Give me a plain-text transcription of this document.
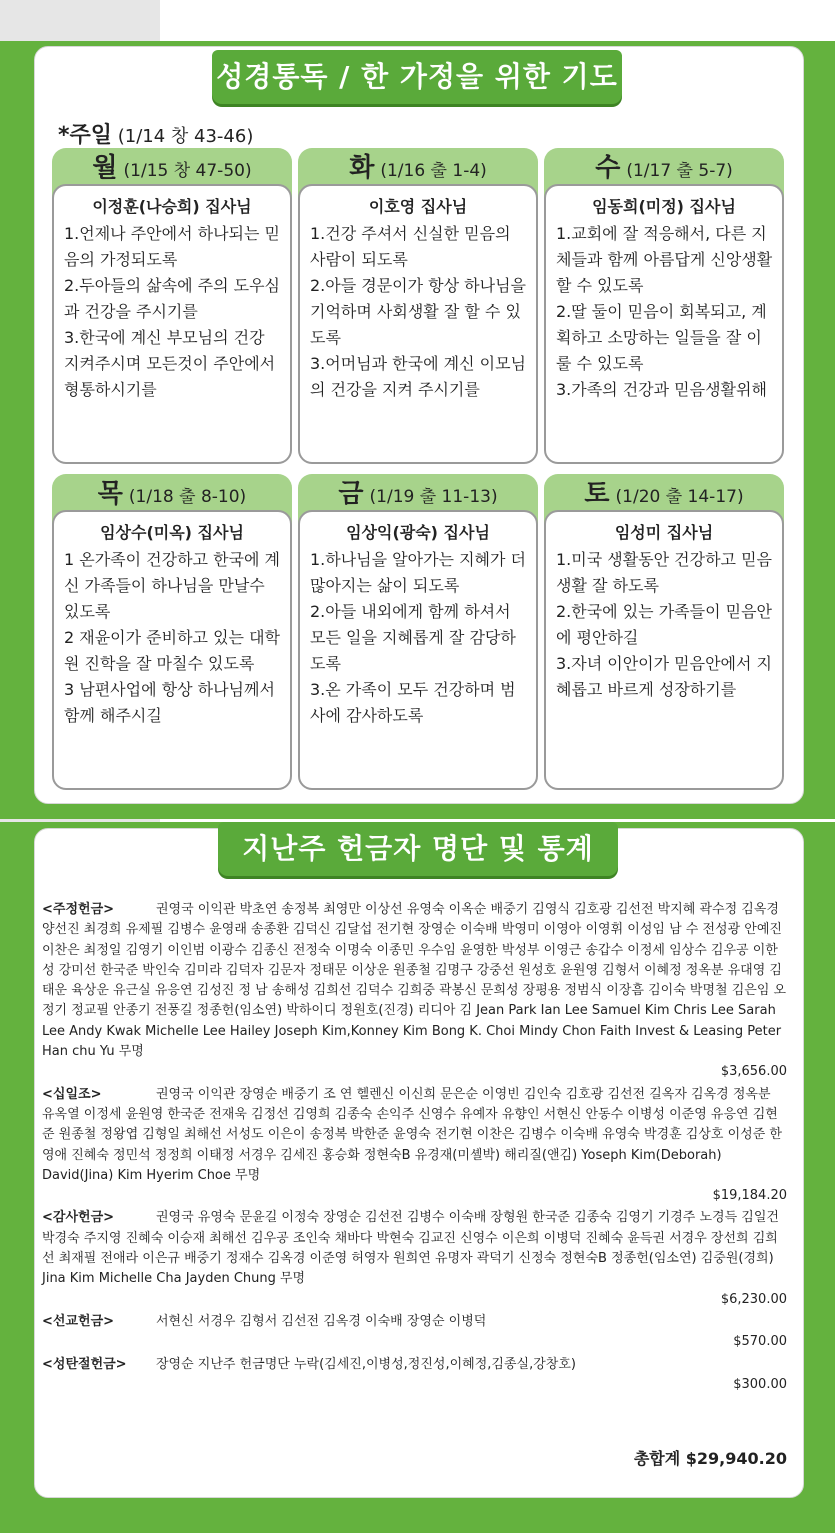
성경통독 / 한 가정을 위한 기도
*주일 (1/14 창 43-46)
월 (1/15 창 47-50)
이정훈(나승희) 집사님
1.언제나 주안에서 하나되는 믿음의 가정되도록
2.두아들의 삶속에 주의 도우심과 건강을 주시기를
3.한국에 계신 부모님의 건강 지켜주시며 모든것이 주안에서 형통하시기를
화 (1/16 출 1-4)
이호영 집사님
1.건강 주셔서 신실한 믿음의 사람이 되도록
2.아들 경문이가 항상 하나님을 기억하며 사회생활 잘 할 수 있도록
3.어머님과 한국에 계신 이모님의 건강을 지켜 주시기를
수 (1/17 출 5-7)
임동희(미정) 집사님
1.교회에 잘 적응해서, 다른 지체들과 함께 아름답게 신앙생활 할 수 있도록
2.딸 둘이 믿음이 회복되고, 계획하고 소망하는 일들을 잘 이룰 수 있도록
3.가족의 건강과 믿음생활위해
목 (1/18 출 8-10)
임상수(미옥) 집사님
1 온가족이 건강하고 한국에 계신 가족들이 하나님을 만날수 있도록
2 재윤이가 준비하고 있는 대학원 진학을 잘 마칠수 있도록
3 남편사업에 항상 하나님께서 함께 해주시길
금 (1/19 출 11-13)
임상익(광숙) 집사님
1.하나님을 알아가는 지혜가 더 많아지는 삶이 되도록
2.아들 내외에게 함께 하셔서 모든 일을 지혜롭게 잘 감당하도록
3.온 가족이 모두 건강하며 범사에 감사하도록
토 (1/20 출 14-17)
임성미 집사님
1.미국 생활동안 건강하고 믿음 생활 잘 하도록
2.한국에 있는 가족들이 믿음안에 평안하길
3.자녀 이안이가 믿음안에서 지혜롭고 바르게 성장하기를
지난주 헌금자 명단 및 통계
<주정헌금>	권영국 이익관 박초연 송정복 최영만 이상선 유영숙 이옥순 배중기 김영식 김호광 김선전 박지혜 곽수정 김옥경 양선진 최경희 유제필 김병수 윤영래 송종환 김덕신 김달섭 전기현 장영순 이숙배 박영미 이영아 이영휘 이성임 남 수 전성광 안예진 이찬은 최정일 김영기 이인범 이광수 김종신 전정숙 이명숙 이종민 우수임 윤영한 박성부 이영근 송갑수 이정세 임상수 김우공 이한성 강미선 한국준 박인숙 김미라 김덕자 김문자 정태문 이상운 원종철 김명구 강중선 원성호 윤원영 김형서 이혜정 정옥분 유대영 김태운 육상운 유근실 유응연 김성진 정 남 송해성 김희선 김덕수 김희중 곽봉신 문희성 장평용 정범식 이장흠 김이숙 박명철 김은임 오정기 정교필 안종기 전풍길 정종헌(임소연) 박하이디 정원호(진경) 리디아 김 Jean Park Ian Lee Samuel Kim Chris Lee Sarah Lee Andy Kwak Michelle Lee Hailey Joseph Kim,Konney Kim Bong K. Choi Mindy Chon Faith Invest & Leasing Peter Han chu Yu 무명
$3,656.00
<십일조>	권영국 이익관 장영순 배중기 조 연 헬렌신 이신희 문은순 이영빈 김인숙 김호광 김선전 길옥자 김옥경 정옥분 유옥열 이정세 윤원영 한국준 전재욱 김정선 김영희 김종숙 손익주 신영수 유예자 유향인 서현신 안동수 이병성 이준영 유응연 김현준 원종철 정왕엽 김형일 최해선 서성도 이은이 송정복 박한준 윤영숙 전기현 이찬은 김병수 이숙배 유영숙 박경훈 김상호 이성준 한영애 진혜숙 정민석 정정희 이태정 서경우 김세진 홍승화 정현숙B 유경재(미셸박) 해리질(앤김) Yoseph Kim(Deborah) David(Jina) Kim Hyerim Choe 무명
$19,184.20
<감사헌금>	권영국 유영숙 문윤길 이정숙 장영순 김선전 김병수 이숙배 장형원 한국준 김종숙 김영기 기경주 노경득 김일건 박경숙 주지영 진혜숙 이승재 최해선 김우공 조인숙 채바다 박현숙 김교진 신영수 이은희 이병덕 진혜숙 윤득권 서경우 장선희 김희선 최재필 전애라 이은규 배중기 정재수 김옥경 이준영 허영자 원희연 유명자 곽덕기 신정숙 정현숙B 정종헌(임소연) 김중원(경희) Jina Kim Michelle Cha Jayden Chung 무명
$6,230.00
<선교헌금>	서현신 서경우 김형서 김선전 김옥경 이숙배 장영순 이병덕
$570.00
<성탄절헌금> 장영순 지난주 헌금명단 누락(김세진,이병성,정진성,이혜정,김종실,강창호)
$300.00
총합계 $29,940.20
